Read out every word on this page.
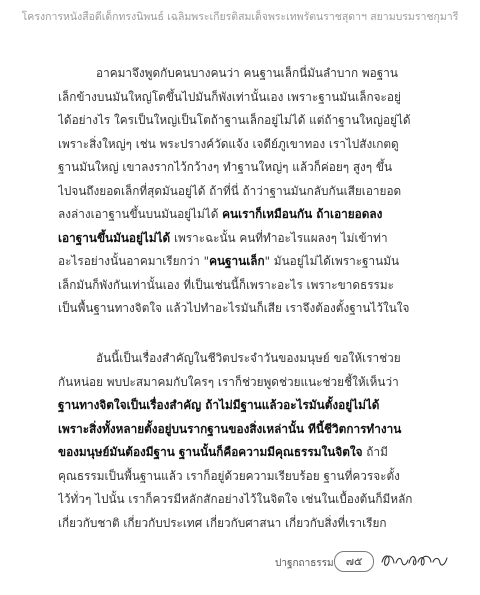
โครงการหนังสือดีเด็กทรงนิพนธ์ เฉลิมพระเกียรติสมเด็จพระเทพรัตนราชสุดาฯ สยามบรมราชกุมารี
อาคมาจึงพูดกับคนบางคนว่า คนฐานเล็กนี่มันลำบาก พอฐาน
เล็กข้างบนมันใหญ่โตขึ้นไปมันก็พังเท่านั้นเอง เพราะฐานมันเล็กจะอยู่
ได้อย่างไร ใครเป็นใหญ่เป็นโตถ้าฐานเล็กอยู่ไม่ได้ แต่ถ้าฐานใหญ่อยู่ได้
เพราะสิ่งใหญ่ๆ เช่น พระปรางค์วัดแจ้ง เจดีย์ภูเขาทอง เราไปสังเกตดู
ฐานมันใหญ่ เขาลงรากไว้กว้างๆ ทำฐานใหญ่ๆ แล้วก็ค่อยๆ สูงๆ ขึ้น
ไปจนถึงยอดเล็กที่สุดมันอยู่ได้ ถ้าที่นี่ ถ้าว่าฐานมันกลับกันเสียเอายอด
ลงล่างเอาฐานขึ้นบนมันอยู่ไม่ได้ คนเราก็เหมือนกัน ถ้าเอายอดลง
เอาฐานขึ้นมันอยู่ไม่ได้ เพราะฉะนั้น คนที่ทำอะไรแผลงๆ ไม่เข้าท่า
อะไรอย่างนั้นอาคมาเรียกว่า "คนฐานเล็ก" มันอยู่ไม่ได้เพราะฐานมัน
เล็กมันก็พังกันเท่านั้นเอง ที่เป็นเช่นนี้ก็เพราะอะไร เพราะขาดธรรมะ
เป็นพื้นฐานทางจิตใจ แล้วไปทำอะไรมันก็เสีย เราจึงต้องตั้งฐานไว้ในใจ
อันนี้เป็นเรื่องสำคัญในชีวิตประจำวันของมนุษย์ ขอให้เราช่วย
กันหน่อย พบปะสมาคมกับใครๆ เราก็ช่วยพูดช่วยแนะช่วยชี้ให้เห็นว่า
ฐานทางจิตใจเป็นเรื่องสำคัญ ถ้าไม่มีฐานแล้วอะไรมันตั้งอยู่ไม่ได้
เพราะสิ่งทั้งหลายตั้งอยู่บนรากฐานของสิ่งเหล่านั้น ทีนี้ชีวิตการทำงาน
ของมนุษย์มันต้องมีฐาน ฐานนั้นก็คือความมีคุณธรรมในจิตใจ ถ้ามี
คุณธรรมเป็นพื้นฐานแล้ว เราก็อยู่ด้วยความเรียบร้อย ฐานที่ควรจะตั้ง
ไว้ทั่วๆ ไปนั้น เราก็ควรมีหลักสักอย่างไว้ในจิตใจ เช่นในเบื้องต้นก็มีหลัก
เกี่ยวกับชาติ เกี่ยวกับประเทศ เกี่ยวกับศาสนา เกี่ยวกับสิ่งที่เราเรียก
ปาฐกถาธรรม	๗๕
